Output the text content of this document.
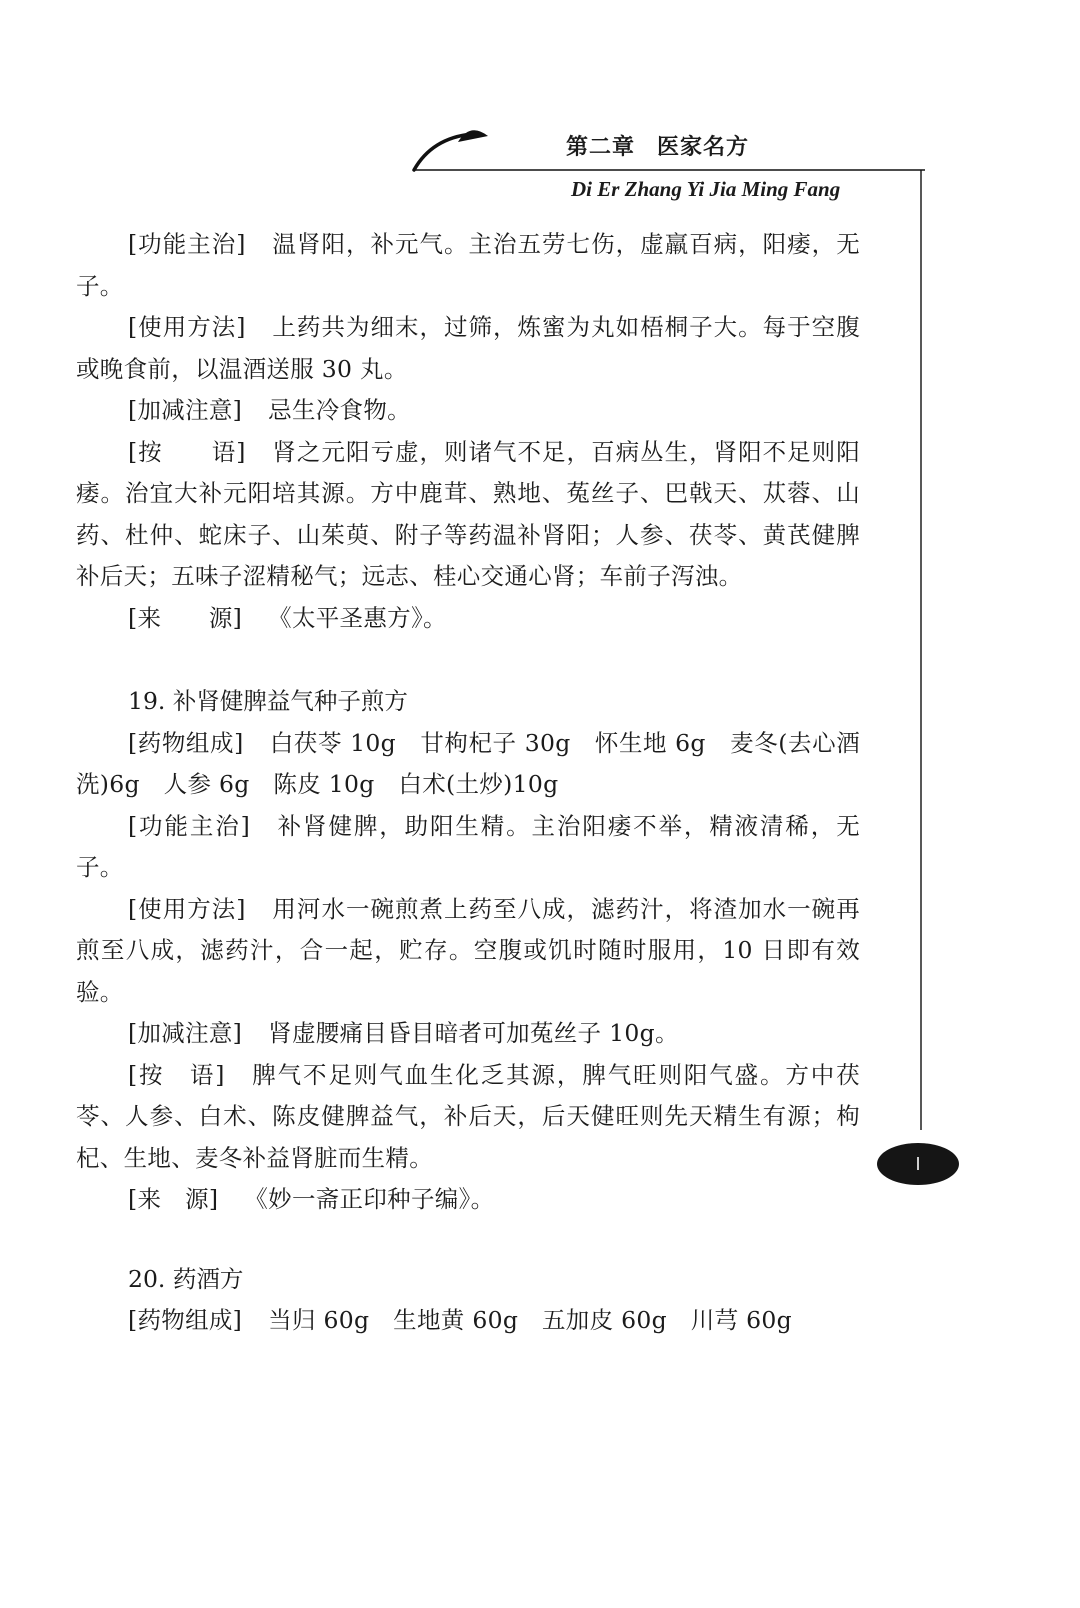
第二章 医家名方
Di Er Zhang Yi Jia Ming Fang

[功能主治] 温肾阳，补元气。主治五劳七伤，虚羸百病，阳痿，无子。

[使用方法] 上药共为细末，过筛，炼蜜为丸如梧桐子大。每于空腹或晚食前，以温酒送服 30 丸。

[加减注意] 忌生冷食物。

[按　　语] 肾之元阳亏虚，则诸气不足，百病丛生，肾阳不足则阳痿。治宜大补元阳培其源。方中鹿茸、熟地、菟丝子、巴戟天、苁蓉、山药、杜仲、蛇床子、山茱萸、附子等药温补肾阳；人参、茯苓、黄芪健脾补后天；五味子涩精秘气；远志、桂心交通心肾；车前子泻浊。

[来　　源] 《太平圣惠方》。

19. 补肾健脾益气种子煎方

[药物组成] 白茯苓 10g　甘枸杞子 30g　怀生地 6g　麦冬(去心酒洗)6g　人参 6g　陈皮 10g　白术(土炒)10g

[功能主治] 补肾健脾，助阳生精。主治阳痿不举，精液清稀，无子。

[使用方法] 用河水一碗煎煮上药至八成，滤药汁，将渣加水一碗再煎至八成，滤药汁，合一起，贮存。空腹或饥时随时服用，10 日即有效验。

[加减注意] 肾虚腰痛目昏目暗者可加菟丝子 10g。

[按　语] 脾气不足则气血生化乏其源，脾气旺则阳气盛。方中茯苓、人参、白术、陈皮健脾益气，补后天，后天健旺则先天精生有源；枸杞、生地、麦冬补益肾脏而生精。

[来　源] 《妙一斋正印种子编》。

20. 药酒方

[药物组成] 当归 60g　生地黄 60g　五加皮 60g　川芎 60g
